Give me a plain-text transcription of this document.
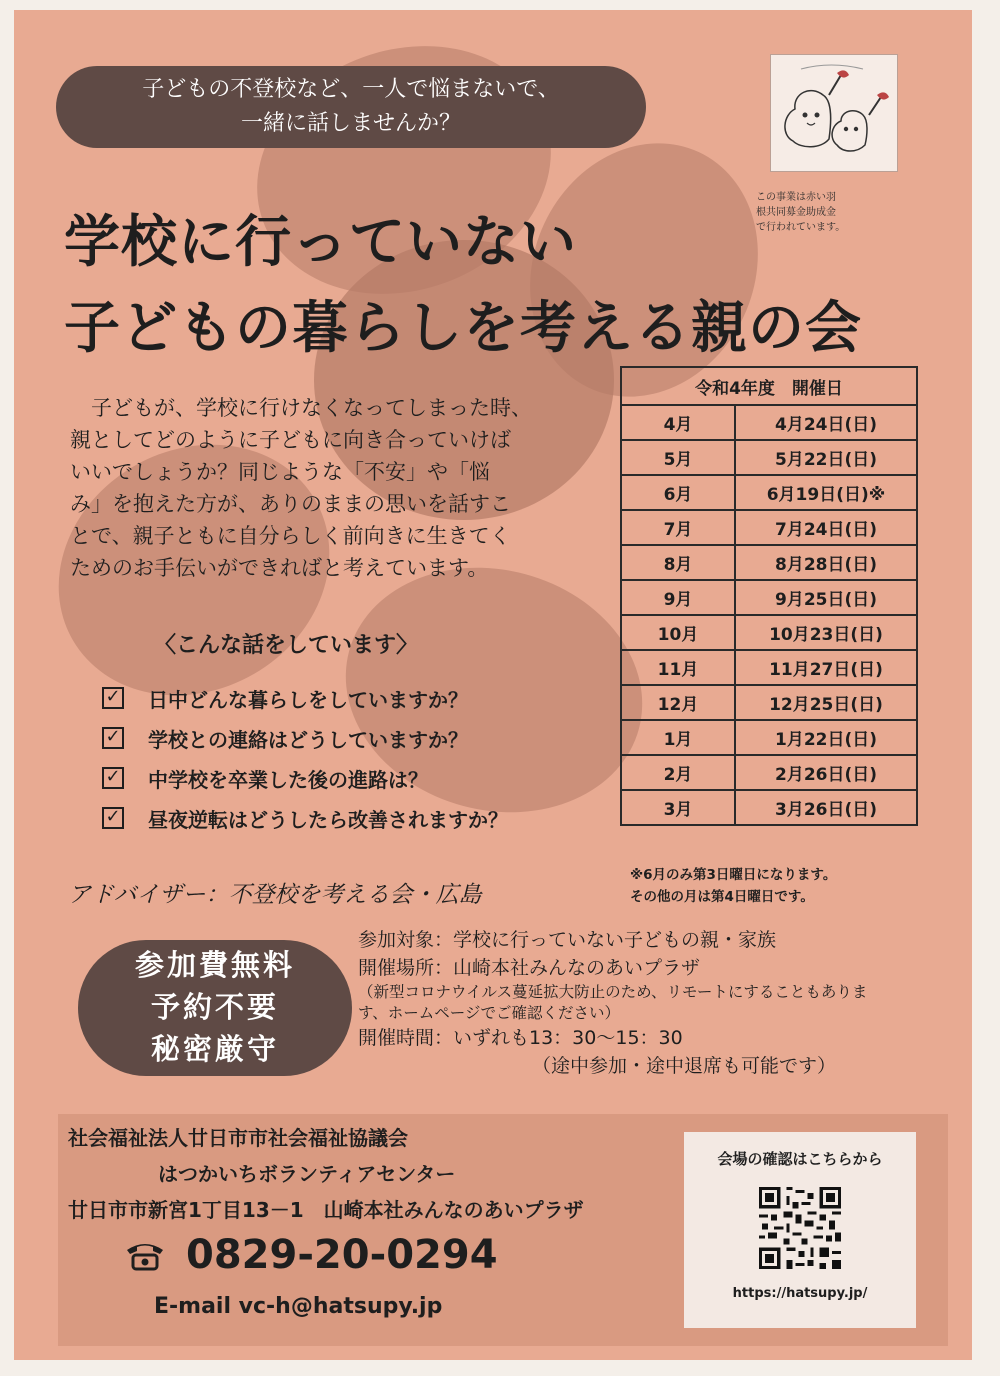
子どもの不登校など、一人で悩まないで、
一緒に話しませんか？
この事業は赤い羽
根共同募金助成金
で行われています。
学校に行っていない
子どもの暮らしを考える親の会
子どもが、学校に行けなくなってしまった時、
親としてどのように子どもに向き合っていけば
いいでしょうか？同じような「不安」や「悩
み」を抱えた方が、ありのままの思いを話すこ
とで、親子ともに自分らしく前向きに生きてく
ためのお手伝いができればと考えています。
〈こんな話をしています〉
✓ 日中どんな暮らしをしていますか？
✓ 学校との連絡はどうしていますか？
✓ 中学校を卒業した後の進路は？
✓ 昼夜逆転はどうしたら改善されますか？
アドバイザー：不登校を考える会・広島
令和4年度　開催日	
4月	4月24日(日)
5月	5月22日(日)
6月	6月19日(日)※
7月	7月24日(日)
8月	8月28日(日)
9月	9月25日(日)
10月	10月23日(日)
11月	11月27日(日)
12月	12月25日(日)
1月	1月22日(日)
2月	2月26日(日)
3月	3月26日(日)
※6月のみ第3日曜日になります。
その他の月は第4日曜日です。
参加費無料
予約不要
秘密厳守
参加対象：学校に行っていない子どもの親・家族
開催場所：山崎本社みんなのあいプラザ
（新型コロナウイルス蔓延拡大防止のため、リモートにすることもありま
す、ホームページでご確認ください）
開催時間：いずれも13：30～15：30
（途中参加・途中退席も可能です）
社会福祉法人廿日市市社会福祉協議会
はつかいちボランティアセンター
廿日市市新宮1丁目13－1　山崎本社みんなのあいプラザ
0829-20-0294
E-mail vc-h@hatsupy.jp
会場の確認はこちらから
https://hatsupy.jp/
